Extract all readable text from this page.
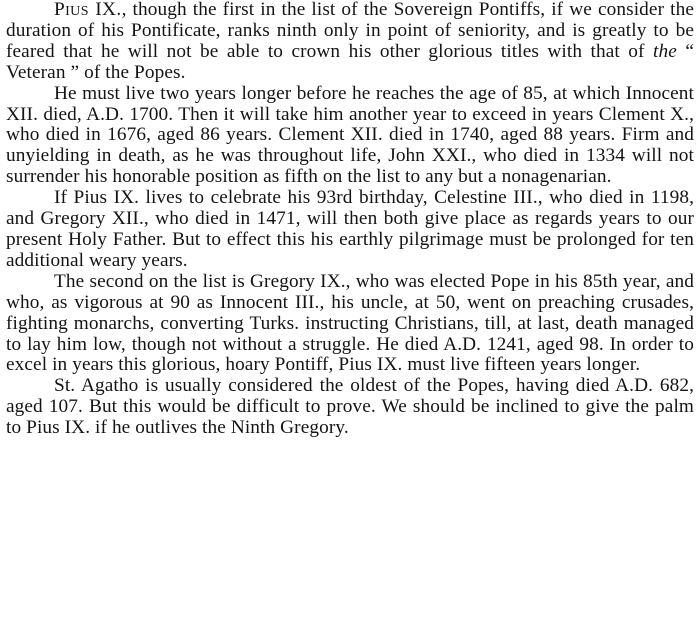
Pius IX., though the first in the list of the Sovereign Pontiffs, if we consider the duration of his Pontificate, ranks ninth only in point of seniority, and is greatly to be feared that he will not be able to crown his other glorious titles with that of the “ Veteran ” of the Popes.

He must live two years longer before he reaches the age of 85, at which Innocent XII. died, A.D. 1700. Then it will take him another year to exceed in years Clement X., who died in 1676, aged 86 years. Clement XII. died in 1740, aged 88 years. Firm and unyielding in death, as he was throughout life, John XXI., who died in 1334 will not surrender his honorable position as fifth on the list to any but a nonagenarian.

If Pius IX. lives to celebrate his 93rd birthday, Celestine III., who died in 1198, and Gregory XII., who died in 1471, will then both give place as regards years to our present Holy Father. But to effect this his earthly pilgrimage must be prolonged for ten additional weary years.

The second on the list is Gregory IX., who was elected Pope in his 85th year, and who, as vigorous at 90 as Innocent III., his uncle, at 50, went on preaching crusades, fighting monarchs, converting Turks. instructing Christians, till, at last, death managed to lay him low, though not without a struggle. He died A.D. 1241, aged 98. In order to excel in years this glorious, hoary Pontiff, Pius IX. must live fifteen years longer.

St. Agatho is usually considered the oldest of the Popes, having died A.D. 682, aged 107. But this would be difficult to prove. We should be inclined to give the palm to Pius IX. if he outlives the Ninth Gregory.
